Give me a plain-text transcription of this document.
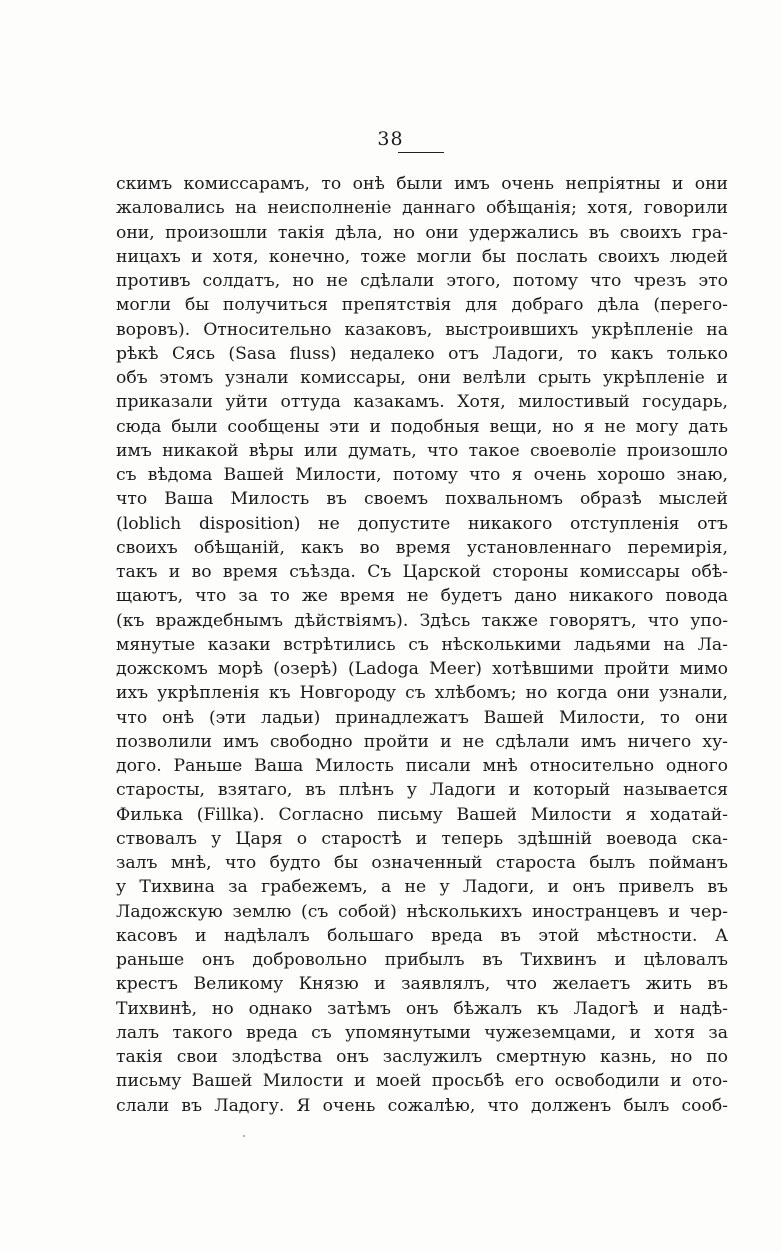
38
скимъ комиссарамъ, то онѣ были имъ очень непріятны и они
жаловались на неисполненіе даннаго обѣщанія; хотя, говорили
они, произошли такія дѣла, но они удержались въ своихъ гра-
ницахъ и хотя, конечно, тоже могли бы послать своихъ людей
противъ солдатъ, но не сдѣлали этого, потому что чрезъ это
могли бы получиться препятствія для добраго дѣла (перего-
воровъ). Относительно казаковъ, выстроившихъ укрѣпленіе на
рѣкѣ Сясь (Sasa fluss) недалеко отъ Ладоги, то какъ только
объ этомъ узнали комиссары, они велѣли срыть укрѣпленіе и
приказали уйти оттуда казакамъ. Хотя, милостивый государь,
сюда были сообщены эти и подобныя вещи, но я не могу дать
имъ никакой вѣры или думать, что такое своеволіе произошло
съ вѣдома Вашей Милости, потому что я очень хорошо знаю,
что Ваша Милость въ своемъ похвальномъ образѣ мыслей
(loblich disposition) не допустите никакого отступленія отъ
своихъ обѣщаній, какъ во время установленнаго перемирія,
такъ и во время съѣзда. Съ Царской стороны комиссары обѣ-
щаютъ, что за то же время не будетъ дано никакого повода
(къ враждебнымъ дѣйствіямъ). Здѣсь также говорятъ, что упо-
мянутые казаки встрѣтились съ нѣсколькими ладьями на Ла-
дожскомъ морѣ (озерѣ) (Ladoga Meer) хотѣвшими пройти мимо
ихъ укрѣпленія къ Новгороду съ хлѣбомъ; но когда они узнали,
что онѣ (эти ладьи) принадлежатъ Вашей Милости, то они
позволили имъ свободно пройти и не сдѣлали имъ ничего ху-
дого. Раньше Ваша Милость писали мнѣ относительно одного
старосты, взятаго, въ плѣнъ у Ладоги и который называется
Филька (Fillka). Согласно письму Вашей Милости я ходатай-
ствовалъ у Царя о старостѣ и теперь здѣшній воевода ска-
залъ мнѣ, что будто бы означенный староста былъ пойманъ
у Тихвина за грабежемъ, а не у Ладоги, и онъ привелъ въ
Ладожскую землю (съ собой) нѣсколькихъ иностранцевъ и чер-
касовъ и надѣлалъ большаго вреда въ этой мѣстности. А
раньше онъ добровольно прибылъ въ Тихвинъ и цѣловалъ
крестъ Великому Князю и заявлялъ, что желаетъ жить въ
Тихвинѣ, но однако затѣмъ онъ бѣжалъ къ Ладогѣ и надѣ-
лалъ такого вреда съ упомянутыми чужеземцами, и хотя за
такія свои злодѣства онъ заслужилъ смертную казнь, но по
письму Вашей Милости и моей просьбѣ его освободили и ото-
слали въ Ладогу. Я очень сожалѣю, что долженъ былъ сооб-
